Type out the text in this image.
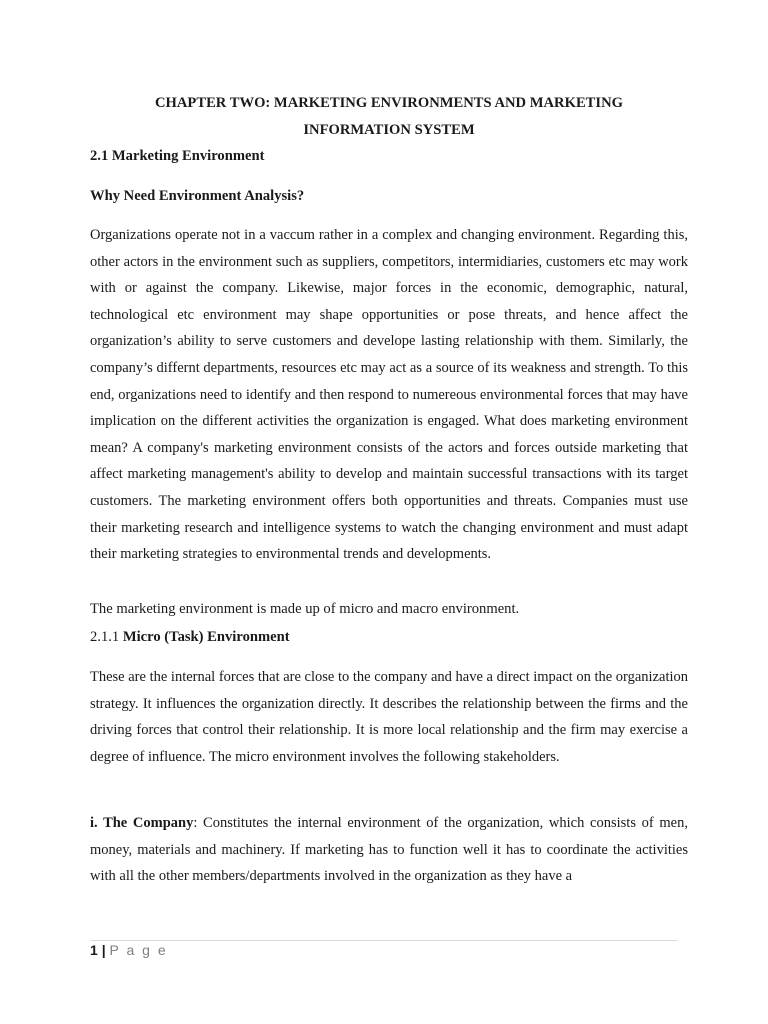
CHAPTER TWO: MARKETING ENVIRONMENTS AND MARKETING
INFORMATION SYSTEM
2.1 Marketing Environment
Why Need Environment Analysis?
Organizations operate not in a vaccum rather in a complex and changing environment. Regarding this, other actors in the environment such as suppliers, competitors, intermidiaries, customers etc may work with or against the company. Likewise, major forces in the economic, demographic, natural, technological etc environment may shape opportunities or pose threats, and hence affect the organization’s ability to serve customers and develope lasting relationship with them. Similarly, the company’s differnt departments, resources etc may act as a source of its weakness and strength. To this end, organizations need to identify and then respond to numereous environmental forces that may have implication on the different activities the organization is engaged. What does marketing environment mean? A company's marketing environment consists of the actors and forces outside marketing that affect marketing management's ability to develop and maintain successful transactions with its target customers. The marketing environment offers both opportunities and threats. Companies must use their marketing research and intelligence systems to watch the changing environment and must adapt their marketing strategies to environmental trends and developments.
The marketing environment is made up of micro and macro environment.
2.1.1 Micro (Task) Environment
These are the internal forces that are close to the company and have a direct impact on the organization strategy. It influences the organization directly. It describes the relationship between the firms and the driving forces that control their relationship. It is more local relationship and the firm may exercise a degree of influence. The micro environment involves the following stakeholders.
i. The Company: Constitutes the internal environment of the organization, which consists of men, money, materials and machinery. If marketing has to function well it has to coordinate the activities with all the other members/departments involved in the organization as they have a
1 | P a g e
